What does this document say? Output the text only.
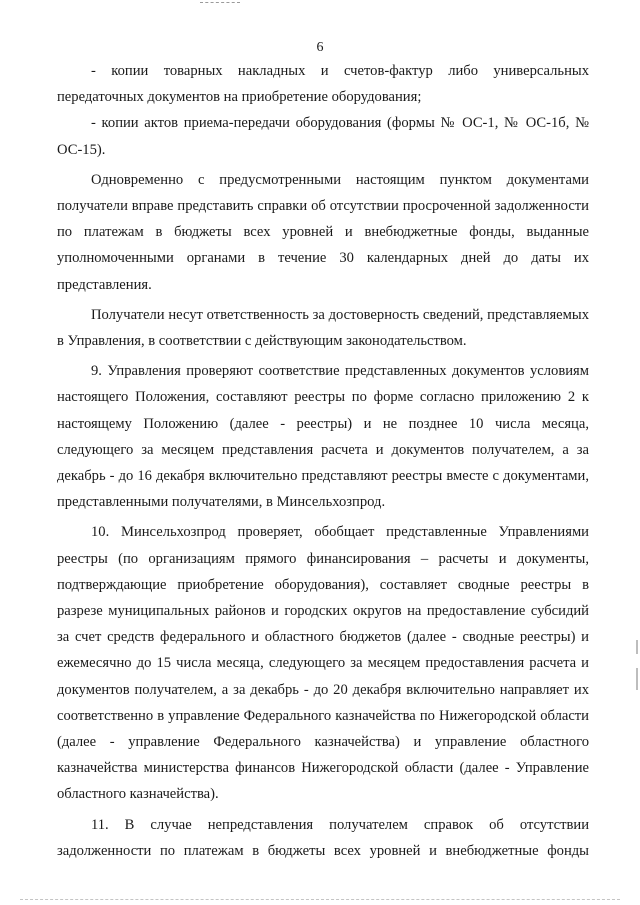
6

- копии товарных накладных и счетов-фактур либо универсальных передаточных документов на приобретение оборудования;

- копии актов приема-передачи оборудования (формы № ОС-1, № ОС-1б, № ОС-15).

Одновременно с предусмотренными настоящим пунктом документами получатели вправе представить справки об отсутствии просроченной задолженности по платежам в бюджеты всех уровней и внебюджетные фонды, выданные уполномоченными органами в течение 30 календарных дней до даты их представления.

Получатели несут ответственность за достоверность сведений, представляемых в Управления, в соответствии с действующим законодательством.

9. Управления проверяют соответствие представленных документов условиям настоящего Положения, составляют реестры по форме согласно приложению 2 к настоящему Положению (далее - реестры) и не позднее 10 числа месяца, следующего за месяцем представления расчета и документов получателем, а за декабрь - до 16 декабря включительно представляют реестры вместе с документами, представленными получателями, в Минсельхозпрод.

10. Минсельхозпрод проверяет, обобщает представленные Управлениями реестры (по организациям прямого финансирования – расчеты и документы, подтверждающие приобретение оборудования), составляет сводные реестры в разрезе муниципальных районов и городских округов на предоставление субсидий за счет средств федерального и областного бюджетов (далее - сводные реестры) и ежемесячно до 15 числа месяца, следующего за месяцем предоставления расчета и документов получателем, а за декабрь - до 20 декабря включительно направляет их соответственно в управление Федерального казначейства по Нижегородской области (далее - управление Федерального казначейства) и управление областного казначейства министерства финансов Нижегородской области (далее - Управление областного казначейства).

11. В случае непредставления получателем справок об отсутствии задолженности по платежам в бюджеты всех уровней и внебюджетные фонды
